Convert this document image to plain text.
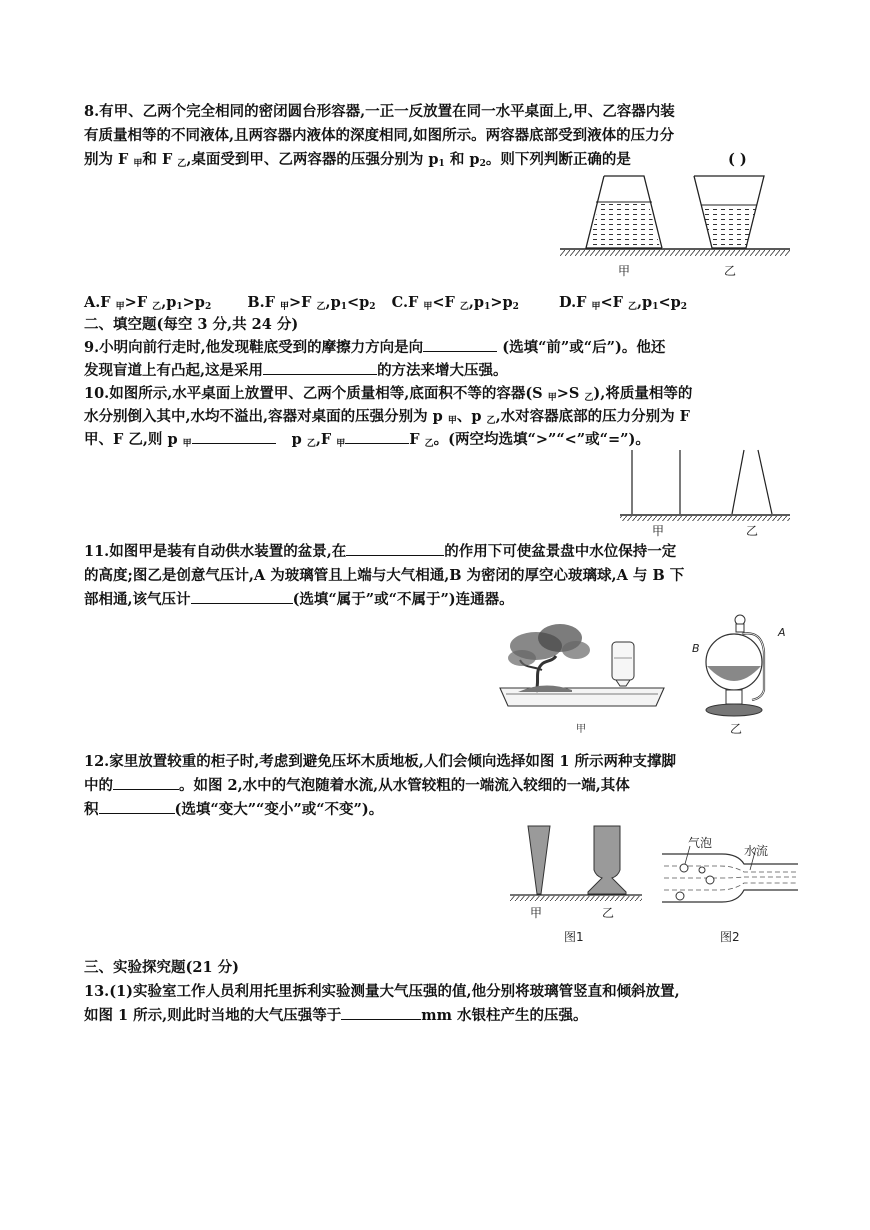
8.有甲、乙两个完全相同的密闭圆台形容器,一正一反放置在同一水平桌面上,甲、乙容器内装

有质量相等的不同液体,且两容器内液体的深度相同,如图所示。两容器底部受到液体的压力分

别为 F $_甲$和 F $_乙$,桌面受到甲、乙两容器的压强分别为 $p_1$ 和 $p_2$。则下列判断正确的是	( )

甲	乙

A.F $_甲$>F $_乙,p_1>p_2$ B.F $_甲$>F $_乙,p_1<p_2$ C.F $_甲$<F $_乙,p_1>p_2$	D.F $_甲$<F $_乙,p_1<p_2$

二、填空题(每空 3 分,共 24 分)

9.小明向前行走时,他发现鞋底受到的摩擦力方向是向	(选填“前”或“后”)。他还

发现盲道上有凸起,这是采用	的方法来增大压强。

10.如图所示,水平桌面上放置甲、乙两个质量相等,底面积不等的容器(S $_甲$>S $_乙$),将质量相等的

水分别倒入其中,水均不溢出,容器对桌面的压强分别为 p $_甲$、p $_乙$,水对容器底部的压力分别为 F

甲、F 乙,则 p $_甲$	p $_乙$,F $_甲$	F $_乙$。(两空均选填“>”“<”或“=”)。

甲	乙

11.如图甲是装有自动供水装置的盆景,在	的作用下可使盆景盘中水位保持一定

的高度;图乙是创意气压计,A 为玻璃管且上端与大气相通,B 为密闭的厚空心玻璃球,A 与 B 下

部相通,该气压计	(选填“属于”或“不属于”)连通器。

甲
A
B
乙

12.家里放置较重的柜子时,考虑到避免压坏木质地板,人们会倾向选择如图 1 所示两种支撑脚

中的	。如图 2,水中的气泡随着水流,从水管较粗的一端流入较细的一端,其体

积	(选填“变大”“变小”或“不变”)。

甲	乙
图1
气泡
水流
图2

三、实验探究题(21 分)

13.(1)实验室工作人员利用托里拆利实验测量大气压强的值,他分别将玻璃管竖直和倾斜放置,

如图 1 所示,则此时当地的大气压强等于	mm 水银柱产生的压强。
